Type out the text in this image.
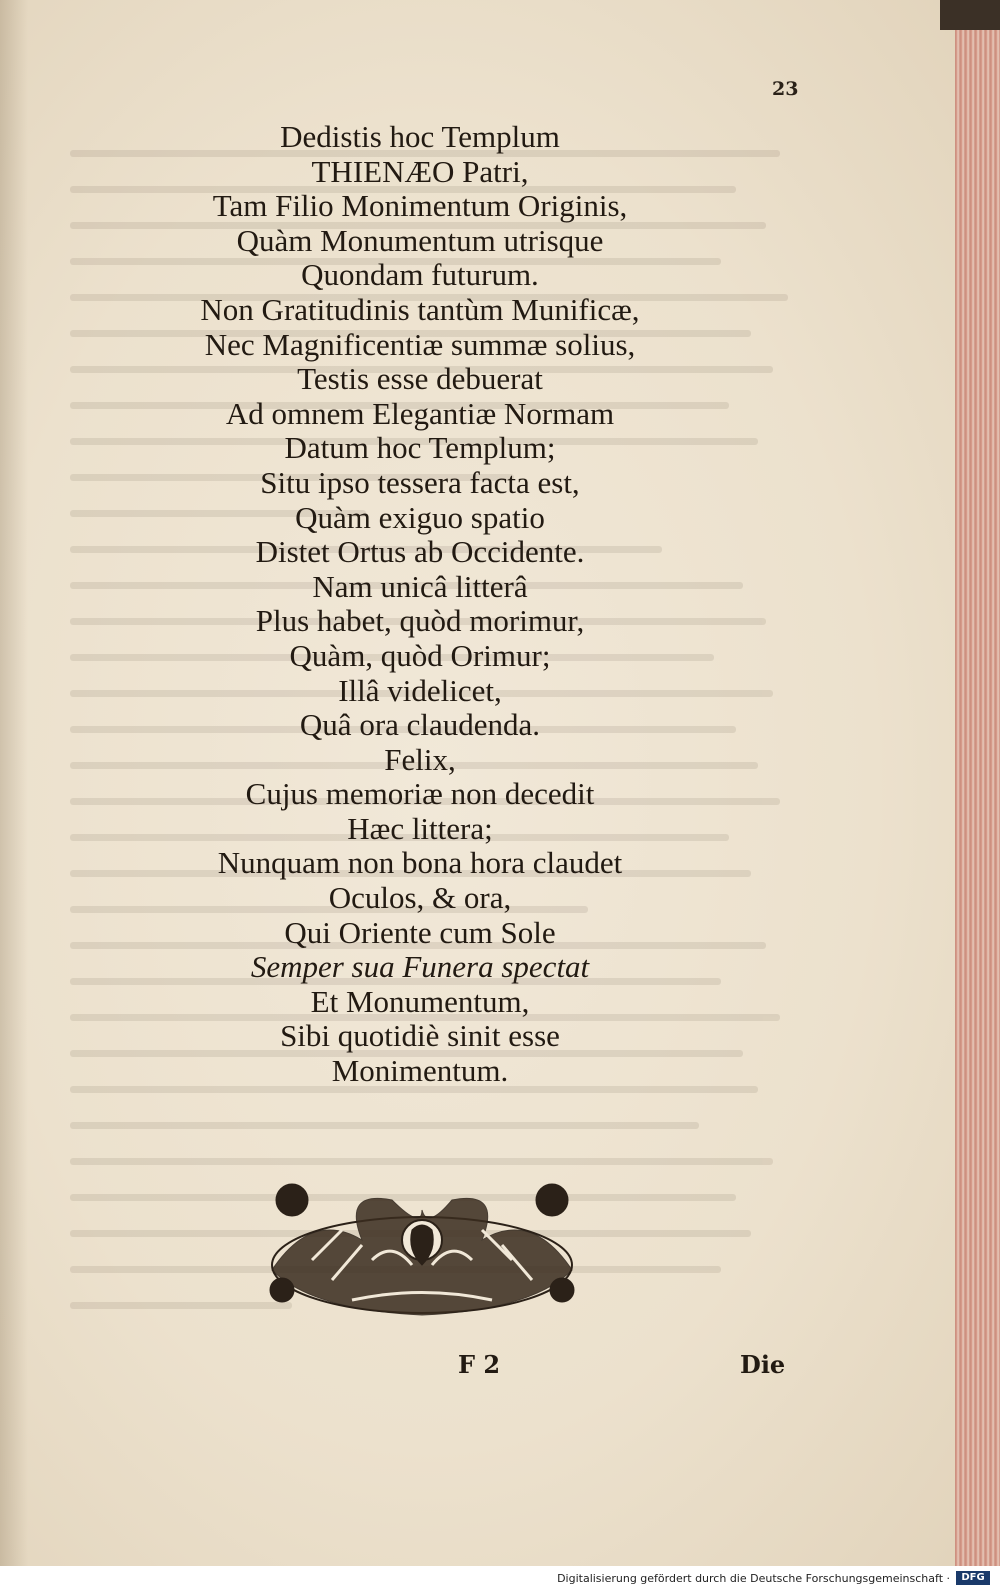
23
Dedistis hoc Templum
THIENÆO Patri,
Tam Filio Monimentum Originis,
Quàm Monumentum utrisque
Quondam futurum.
Non Gratitudinis tantùm Munificæ,
Nec Magnificentiæ summæ solius,
Testis esse debuerat
Ad omnem Elegantiæ Normam
Datum hoc Templum;
Situ ipso tessera facta est,
Quàm exiguo spatio
Distet Ortus ab Occidente.
Nam unicâ litterâ
Plus habet, quòd morimur,
Quàm, quòd Orimur;
Illâ videlicet,
Quâ ora claudenda.
Felix,
Cujus memoriæ non decedit
Hæc littera;
Nunquam non bona hora claudet
Oculos, & ora,
Qui Oriente cum Sole
Semper sua Funera spectat
Et Monumentum,
Sibi quotidiè sinit esse
Monimentum.
F 2	Die
Digitalisierung gefördert durch die Deutsche Forschungsgemeinschaft ·	DFG
